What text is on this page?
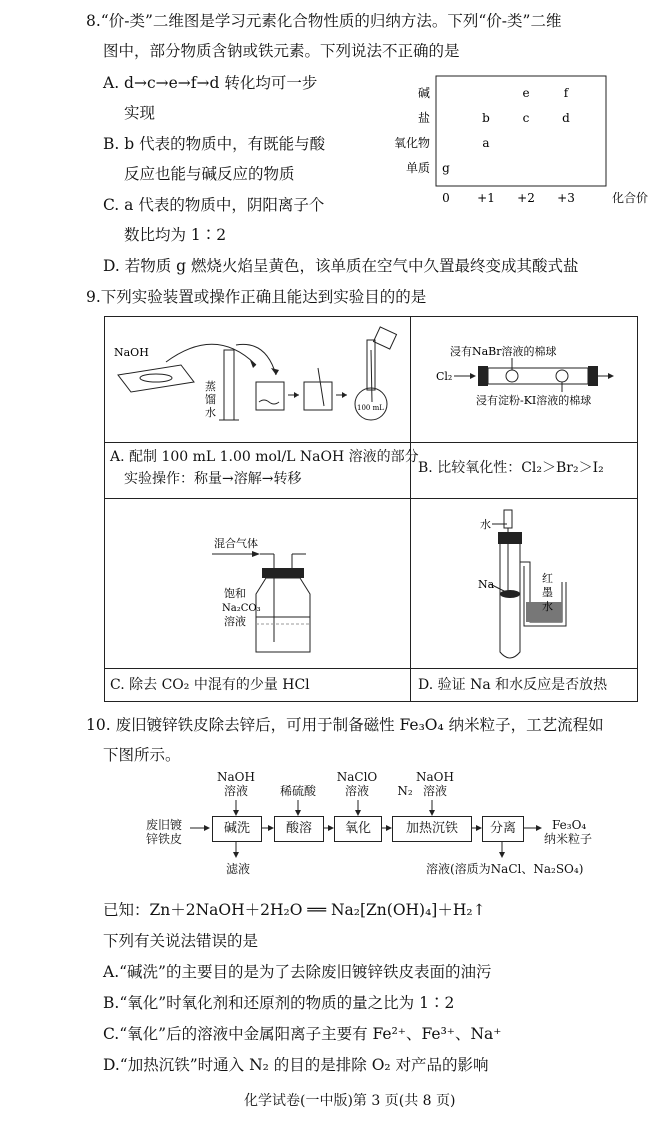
8.“价-类”二维图是学习元素化合物性质的归纳方法。下列“价-类”二维
图中，部分物质含钠或铁元素。下列说法不正确的是
A. d→c→e→f→d 转化均可一步
实现
B. b 代表的物质中，有既能与酸
反应也能与碱反应的物质
C. a 代表的物质中，阴阳离子个
数比均为 1∶2
D. 若物质 g 燃烧火焰呈黄色，该单质在空气中久置最终变成其酸式盐
单质
氧化物
盐
碱
0 +1 +2 +3	化合价
g
a
b	c	d
e	f
9.下列实验装置或操作正确且能达到实验目的的是
NaOH
蒸
馏
水	100 mL
浸有NaBr溶液的棉球
Cl₂
浸有淀粉-KI溶液的棉球
A. 配制 100 mL 1.00 mol/L NaOH 溶液的部分
实验操作：称量→溶解→转移
B. 比较氧化性：Cl₂＞Br₂＞I₂
混合气体
饱和
Na₂CO₃
溶液
水
Na	红
墨
水
C. 除去 CO₂ 中混有的少量 HCl	D. 验证 Na 和水反应是否放热
10. 废旧镀锌铁皮除去锌后，可用于制备磁性 Fe₃O₄ 纳米粒子，工艺流程如
下图所示。
废旧镀
锌铁皮
碱洗	酸溶	氧化	加热沉铁	分离
NaOH
溶液	稀硫酸
NaClO
溶液	N₂
NaOH
溶液
滤液	溶液(溶质为NaCl、Na₂SO₄)
Fe₃O₄
纳米粒子
已知：Zn＋2NaOH＋2H₂O ══ Na₂[Zn(OH)₄]＋H₂↑
下列有关说法错误的是
A.“碱洗”的主要目的是为了去除废旧镀锌铁皮表面的油污
B.“氧化”时氧化剂和还原剂的物质的量之比为 1∶2
C.“氧化”后的溶液中金属阳离子主要有 Fe²⁺、Fe³⁺、Na⁺
D.“加热沉铁”时通入 N₂ 的目的是排除 O₂ 对产品的影响
化学试卷(一中版)第 3 页(共 8 页)
